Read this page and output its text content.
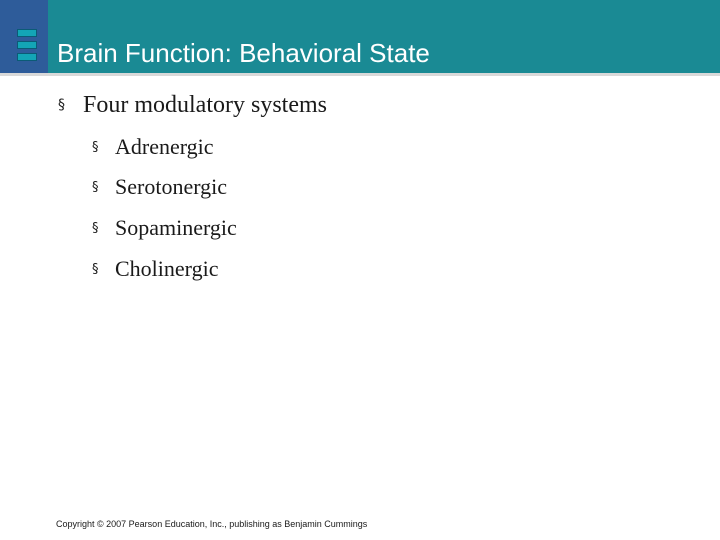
Brain Function: Behavioral State
§ Four modulatory systems
§ Adrenergic
§ Serotonergic
§ Sopaminergic
§ Cholinergic
Copyright © 2007 Pearson Education, Inc., publishing as Benjamin Cummings
